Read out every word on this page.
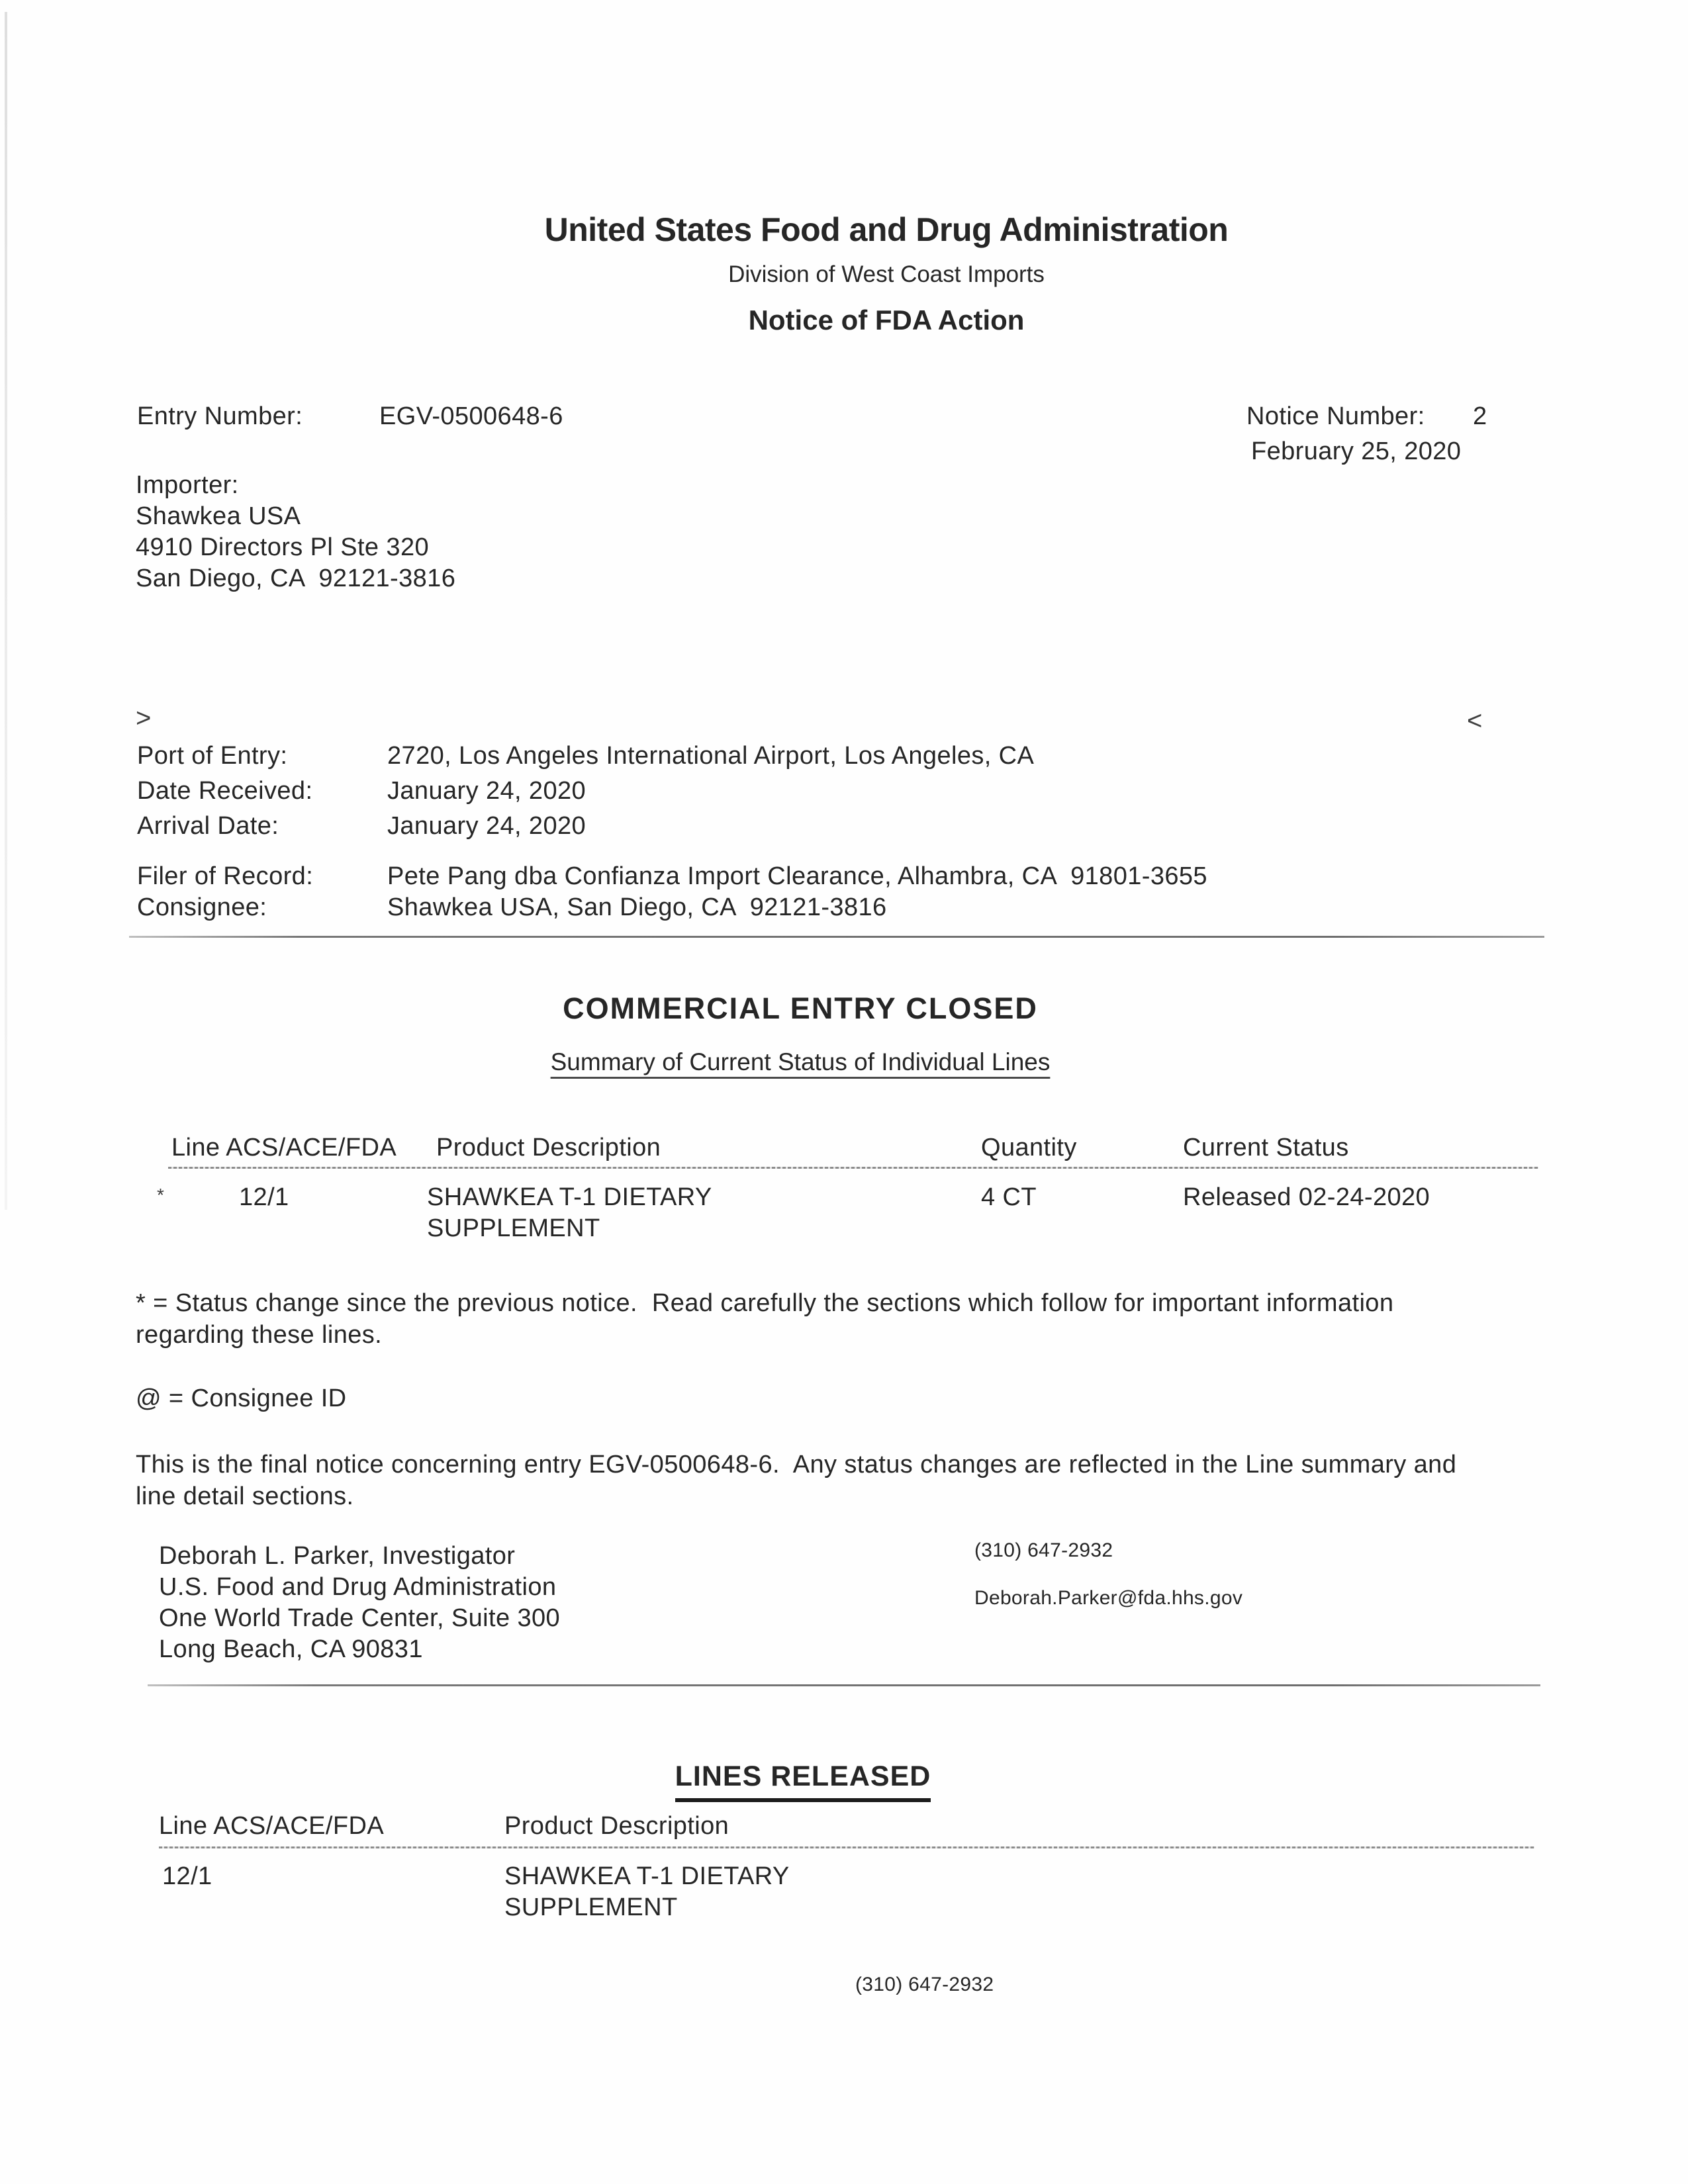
United States Food and Drug Administration
Division of West Coast Imports
Notice of FDA Action
Entry Number:	EGV-0500648-6	Notice Number: 2
February 25, 2020
Importer:
Shawkea USA
4910 Directors Pl Ste 320
San Diego, CA  92121-3816
>	<
Port of Entry:	2720, Los Angeles International Airport, Los Angeles, CA
Date Received:	January 24, 2020
Arrival Date:	January 24, 2020
Filer of Record:	Pete Pang dba Confianza Import Clearance, Alhambra, CA  91801-3655
Consignee:	Shawkea USA, San Diego, CA  92121-3816
COMMERCIAL ENTRY CLOSED
Summary of Current Status of Individual Lines
Line ACS/ACE/FDA Product Description	Quantity	Current Status
*	12/1	SHAWKEA T-1 DIETARY	4 CT	Released 02-24-2020
SUPPLEMENT
* = Status change since the previous notice.  Read carefully the sections which follow for important information
regarding these lines.
@ = Consignee ID
This is the final notice concerning entry EGV-0500648-6.  Any status changes are reflected in the Line summary and
line detail sections.
Deborah L. Parker, Investigator
U.S. Food and Drug Administration
One World Trade Center, Suite 300
Long Beach, CA 90831
(310) 647-2932
Deborah.Parker@fda.hhs.gov
LINES RELEASED
Line ACS/ACE/FDA	Product Description
12/1	SHAWKEA T-1 DIETARY
SUPPLEMENT
(310) 647-2932
